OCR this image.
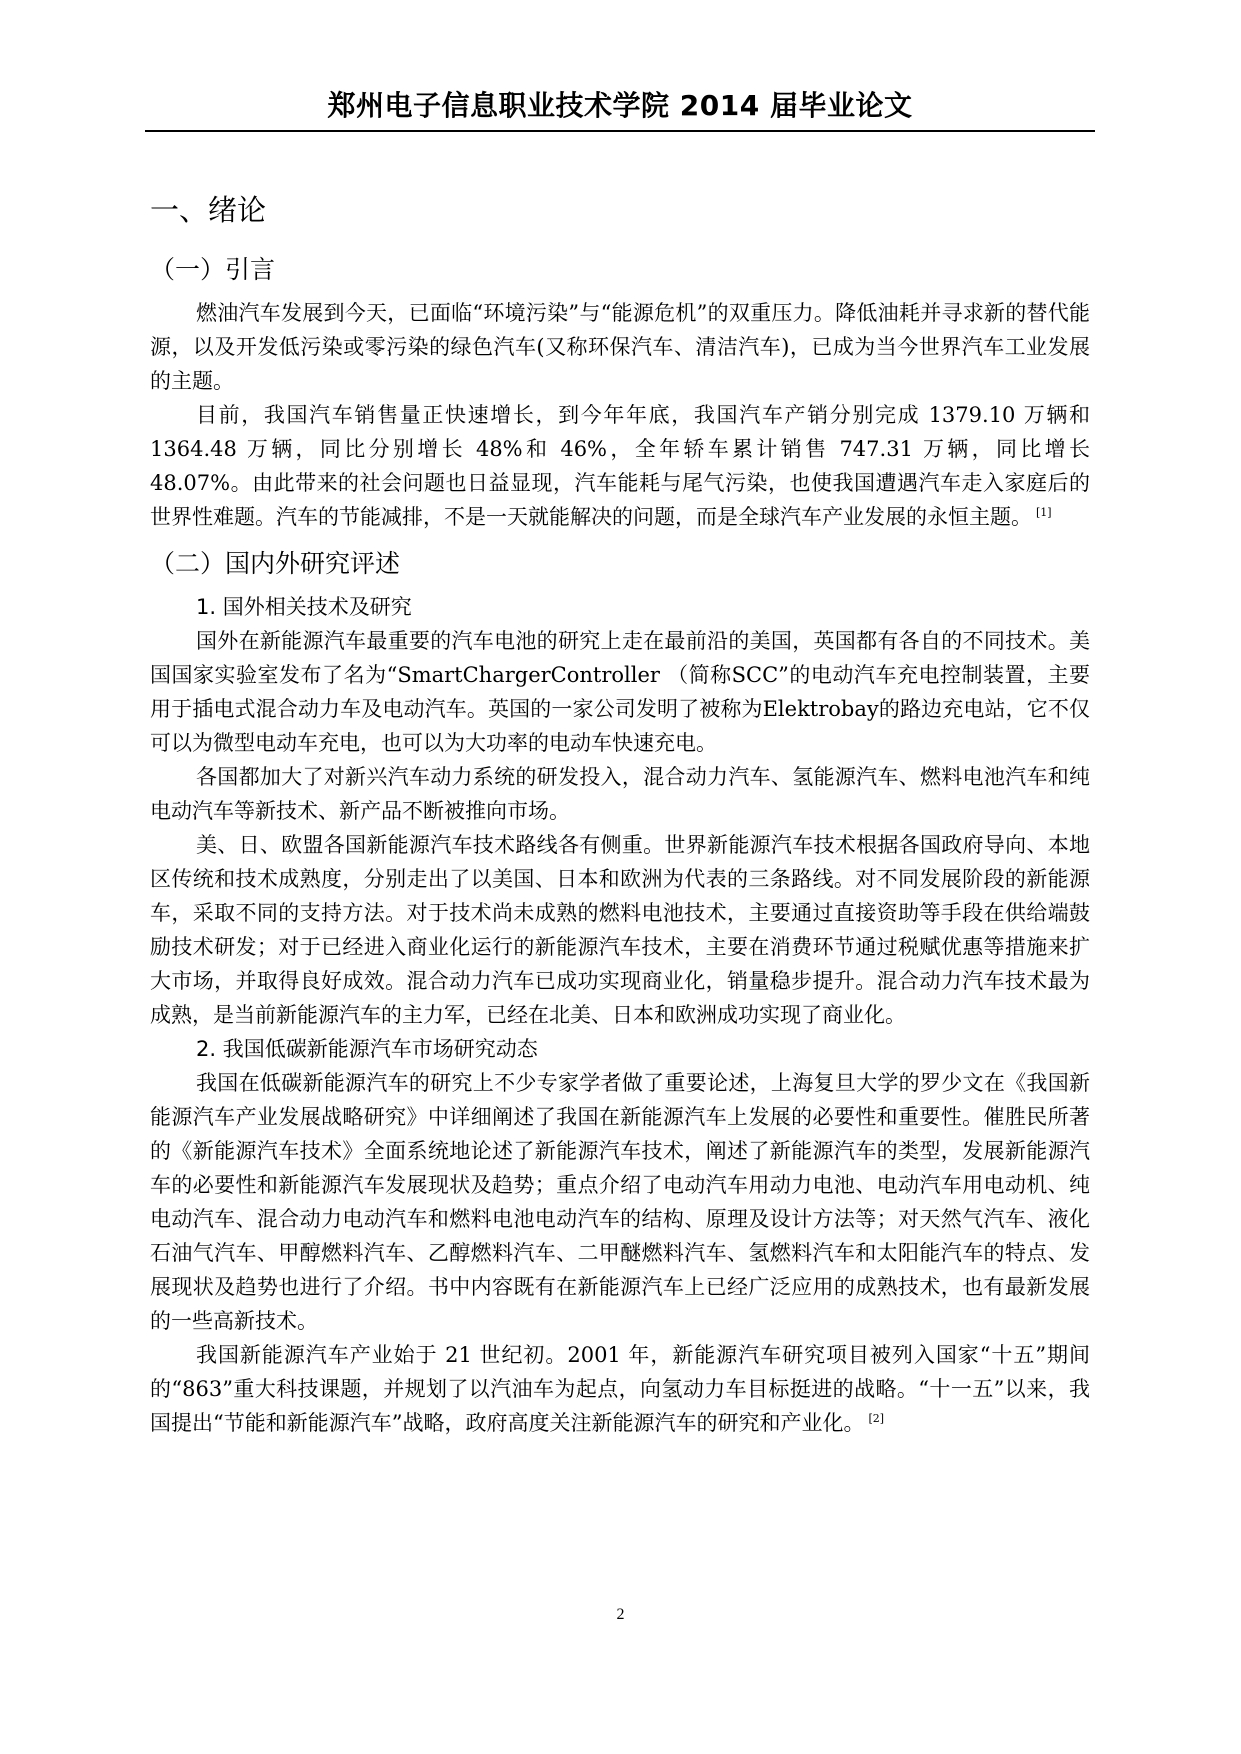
郑州电子信息职业技术学院 2014 届毕业论文
一、绪论
（一）引言

燃油汽车发展到今天，已面临“环境污染”与“能源危机”的双重压力。降低油耗并寻求新的替代能源，以及开发低污染或零污染的绿色汽车(又称环保汽车、清洁汽车)，已成为当今世界汽车工业发展的主题。

目前，我国汽车销售量正快速增长，到今年年底，我国汽车产销分别完成 1379.10 万辆和 1364.48 万辆，同比分别增长 48%和 46%，全年轿车累计销售 747.31 万辆，同比增长 48.07%。由此带来的社会问题也日益显现，汽车能耗与尾气污染，也使我国遭遇汽车走入家庭后的世界性难题。汽车的节能减排，不是一天就能解决的问题，而是全球汽车产业发展的永恒主题。 [1]

（二）国内外研究评述
1. 国外相关技术及研究

国外在新能源汽车最重要的汽车电池的研究上走在最前沿的美国，英国都有各自的不同技术。美国国家实验室发布了名为“SmartChargerController （简称SCC”的电动汽车充电控制装置，主要用于插电式混合动力车及电动汽车。英国的一家公司发明了被称为Elektrobay的路边充电站，它不仅可以为微型电动车充电，也可以为大功率的电动车快速充电。

各国都加大了对新兴汽车动力系统的研发投入，混合动力汽车、氢能源汽车、燃料电池汽车和纯电动汽车等新技术、新产品不断被推向市场。

美、日、欧盟各国新能源汽车技术路线各有侧重。世界新能源汽车技术根据各国政府导向、本地区传统和技术成熟度，分别走出了以美国、日本和欧洲为代表的三条路线。对不同发展阶段的新能源车，采取不同的支持方法。对于技术尚未成熟的燃料电池技术，主要通过直接资助等手段在供给端鼓励技术研发；对于已经进入商业化运行的新能源汽车技术，主要在消费环节通过税赋优惠等措施来扩大市场，并取得良好成效。混合动力汽车已成功实现商业化，销量稳步提升。混合动力汽车技术最为成熟，是当前新能源汽车的主力军，已经在北美、日本和欧洲成功实现了商业化。

2. 我国低碳新能源汽车市场研究动态

我国在低碳新能源汽车的研究上不少专家学者做了重要论述，上海复旦大学的罗少文在《我国新能源汽车产业发展战略研究》中详细阐述了我国在新能源汽车上发展的必要性和重要性。催胜民所著的《新能源汽车技术》全面系统地论述了新能源汽车技术，阐述了新能源汽车的类型，发展新能源汽车的必要性和新能源汽车发展现状及趋势；重点介绍了电动汽车用动力电池、电动汽车用电动机、纯电动汽车、混合动力电动汽车和燃料电池电动汽车的结构、原理及设计方法等；对天然气汽车、液化石油气汽车、甲醇燃料汽车、乙醇燃料汽车、二甲醚燃料汽车、氢燃料汽车和太阳能汽车的特点、发展现状及趋势也进行了介绍。书中内容既有在新能源汽车上已经广泛应用的成熟技术，也有最新发展的一些高新技术。

我国新能源汽车产业始于 21 世纪初。2001 年，新能源汽车研究项目被列入国家“十五”期间的“863”重大科技课题，并规划了以汽油车为起点，向氢动力车目标挺进的战略。“十一五”以来，我国提出“节能和新能源汽车”战略，政府高度关注新能源汽车的研究和产业化。 [2]

2
